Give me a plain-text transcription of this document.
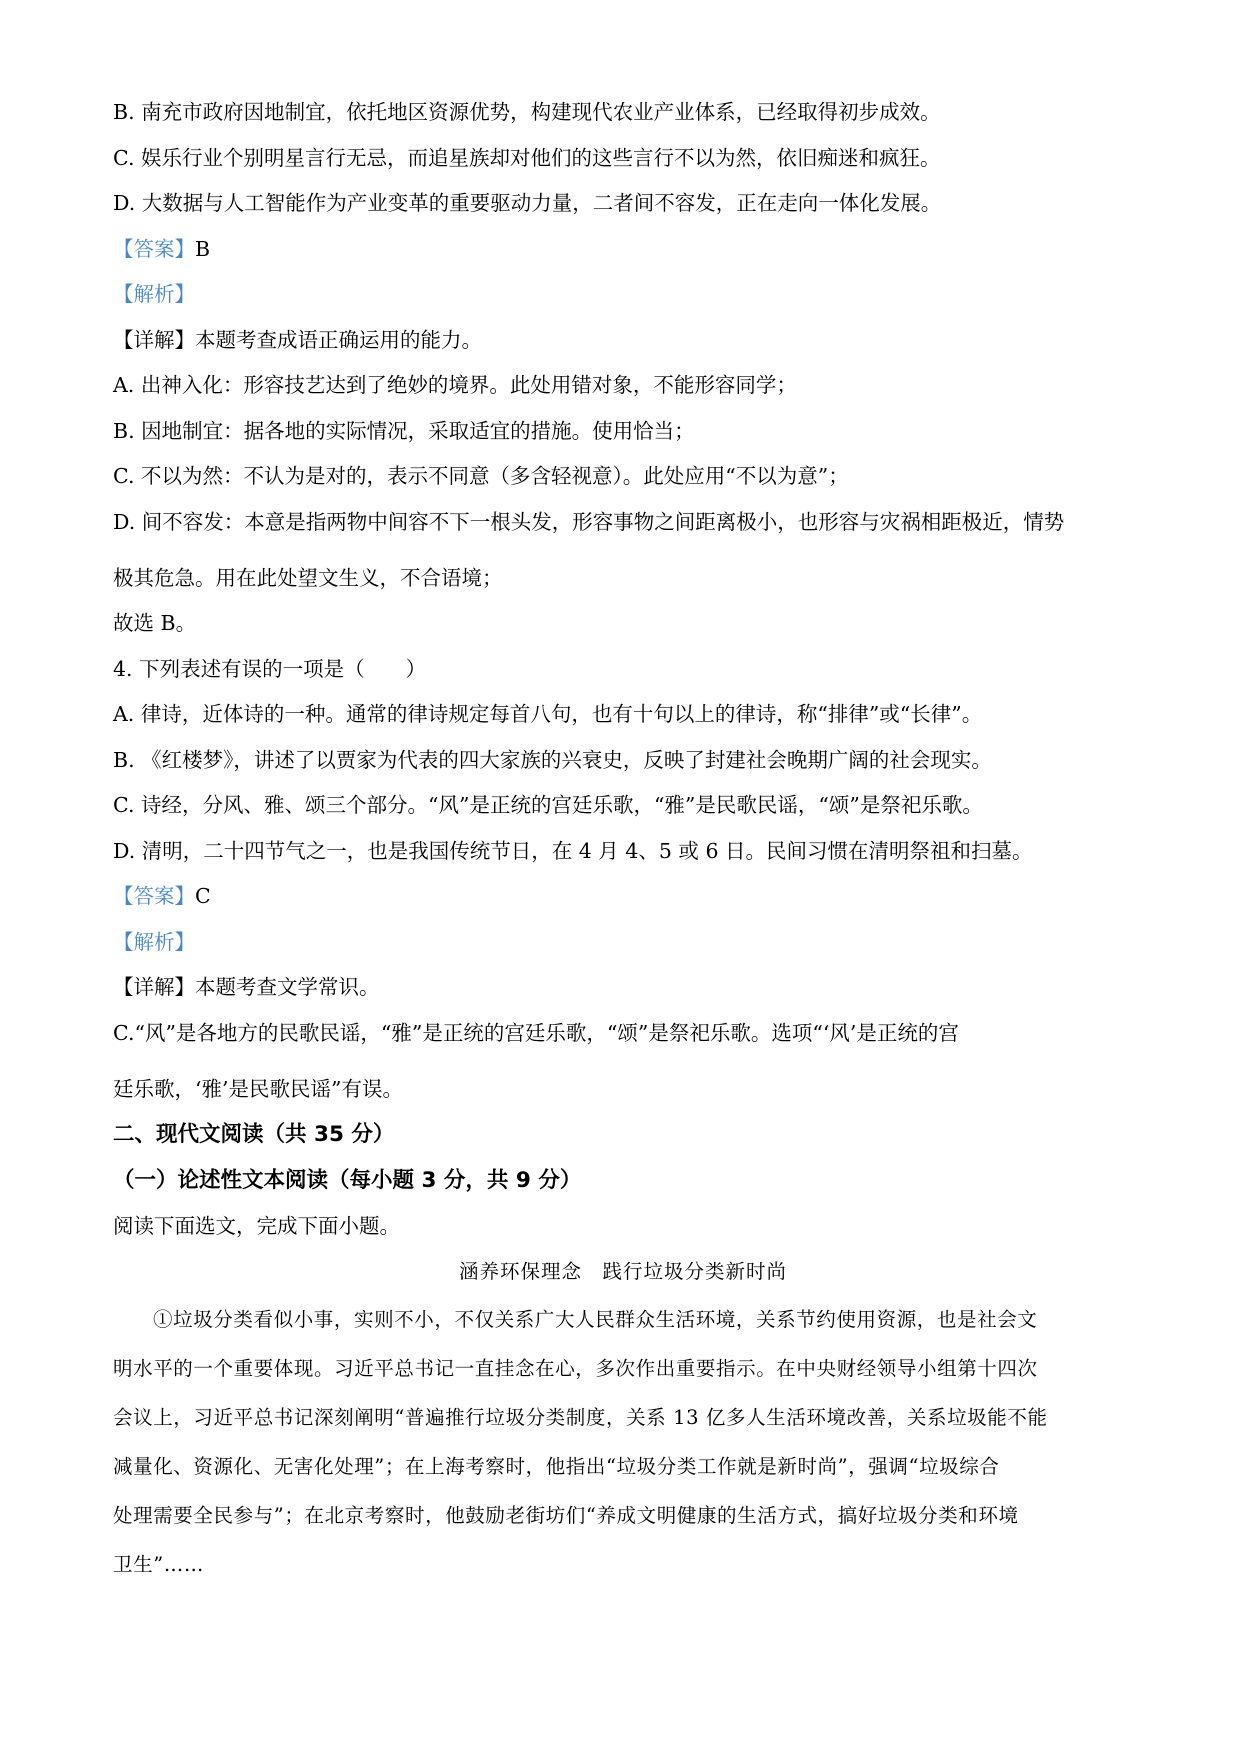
B. 南充市政府因地制宜，依托地区资源优势，构建现代农业产业体系，已经取得初步成效。
C. 娱乐行业个别明星言行无忌，而追星族却对他们的这些言行不以为然，依旧痴迷和疯狂。
D. 大数据与人工智能作为产业变革的重要驱动力量，二者间不容发，正在走向一体化发展。
【答案】B
【解析】
【详解】本题考查成语正确运用的能力。
A. 出神入化：形容技艺达到了绝妙的境界。此处用错对象，不能形容同学；
B. 因地制宜：据各地的实际情况，采取适宜的措施。使用恰当；
C. 不以为然：不认为是对的，表示不同意（多含轻视意）。此处应用“不以为意”；
D. 间不容发：本意是指两物中间容不下一根头发，形容事物之间距离极小，也形容与灾祸相距极近，情势
极其危急。用在此处望文生义，不合语境；
故选 B。
4. 下列表述有误的一项是（　　）
A. 律诗，近体诗的一种。通常的律诗规定每首八句，也有十句以上的律诗，称“排律”或“长律”。
B. 《红楼梦》，讲述了以贾家为代表的四大家族的兴衰史，反映了封建社会晚期广阔的社会现实。
C. 诗经，分风、雅、颂三个部分。“风”是正统的宫廷乐歌，“雅”是民歌民谣，“颂”是祭祀乐歌。
D. 清明，二十四节气之一，也是我国传统节日，在 4 月 4、5 或 6 日。民间习惯在清明祭祖和扫墓。
【答案】C
【解析】
【详解】本题考查文学常识。
C.“风”是各地方的民歌民谣，“雅”是正统的宫廷乐歌，“颂”是祭祀乐歌。选项“‘风’是正统的宫
廷乐歌，‘雅’是民歌民谣”有误。
二、现代文阅读（共 35 分）
（一）论述性文本阅读（每小题 3 分，共 9 分）
阅读下面选文，完成下面小题。
涵养环保理念　践行垃圾分类新时尚
①垃圾分类看似小事，实则不小，不仅关系广大人民群众生活环境，关系节约使用资源，也是社会文
明水平的一个重要体现。习近平总书记一直挂念在心，多次作出重要指示。在中央财经领导小组第十四次
会议上，习近平总书记深刻阐明“普遍推行垃圾分类制度，关系 13 亿多人生活环境改善，关系垃圾能不能
减量化、资源化、无害化处理”；在上海考察时，他指出“垃圾分类工作就是新时尚”，强调“垃圾综合
处理需要全民参与”；在北京考察时，他鼓励老街坊们“养成文明健康的生活方式，搞好垃圾分类和环境
卫生”……
